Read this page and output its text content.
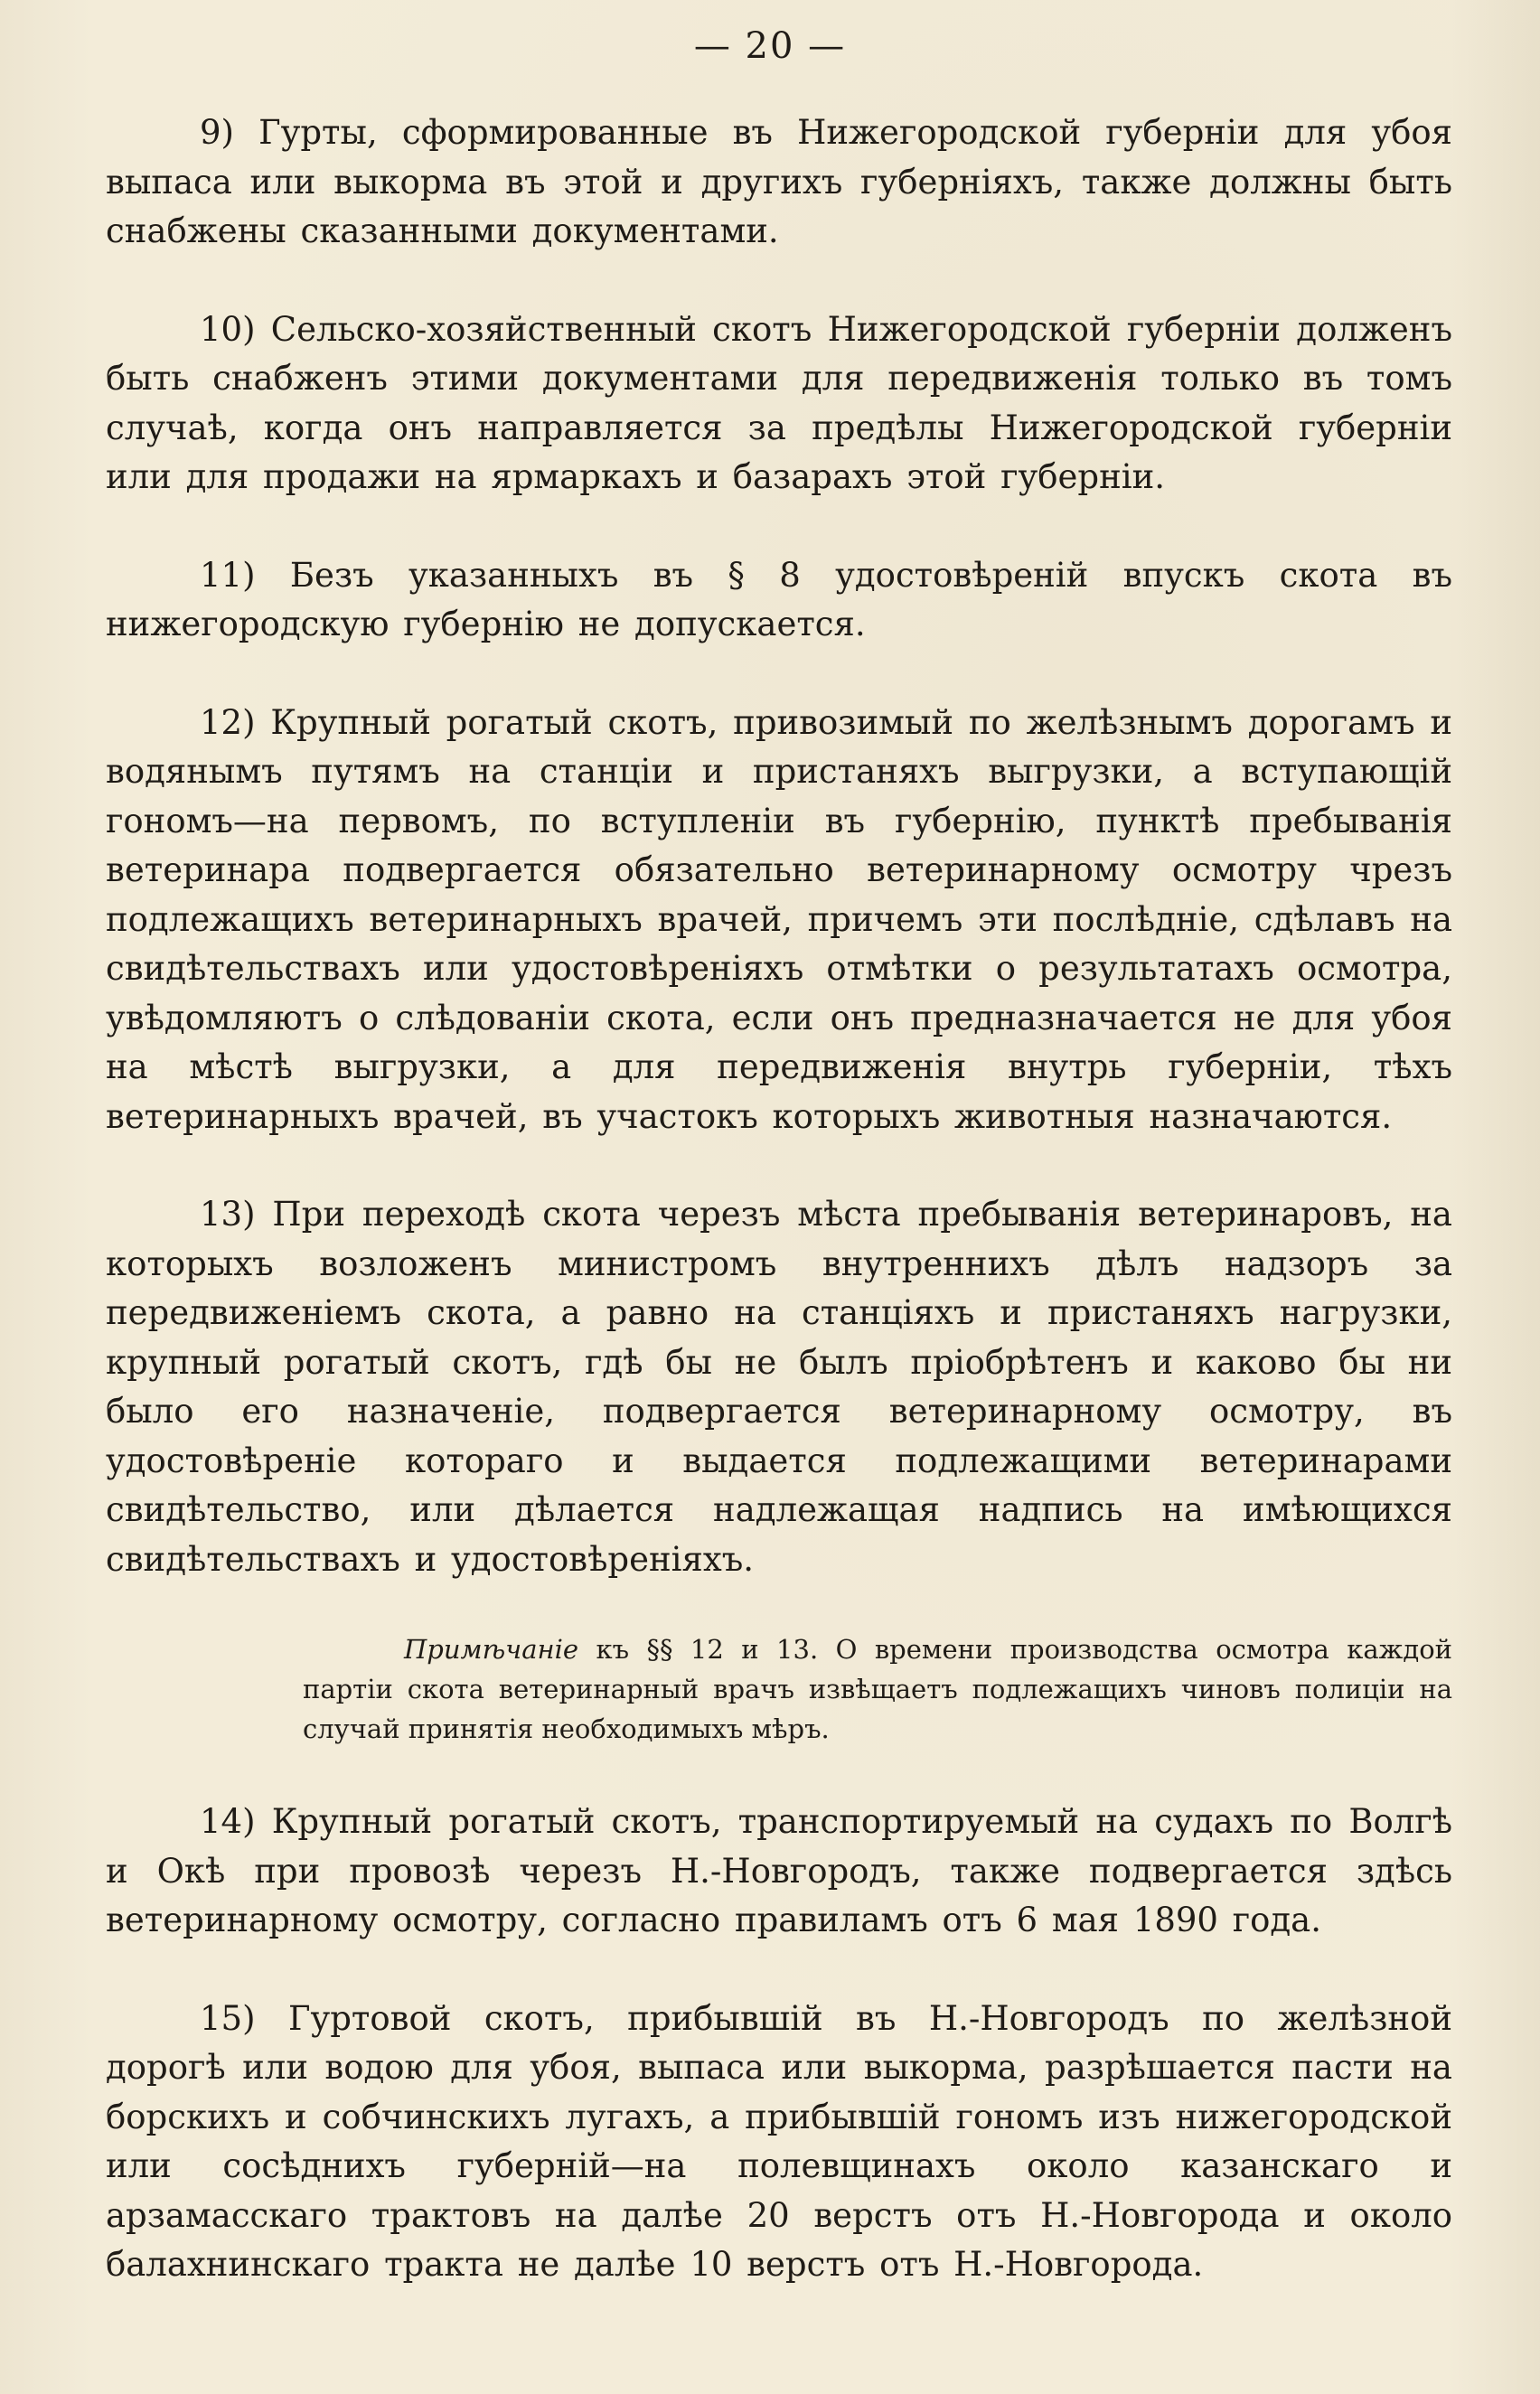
— 20 —

9) Гурты, сформированные въ Нижегородской губерніи для убоя выпаса или выкорма въ этой и другихъ губерніяхъ, также должны быть снабжены сказанными документами.

10) Сельско-хозяйственный скотъ Нижегородской губерніи долженъ быть снабженъ этими документами для передвиженія только въ томъ случаѣ, когда онъ направляется за предѣлы Нижегородской губерніи или для продажи на ярмаркахъ и базарахъ этой губерніи.

11) Безъ указанныхъ въ § 8 удостовѣреній впускъ скота въ нижегородскую губернію не допускается.

12) Крупный рогатый скотъ, привозимый по желѣзнымъ дорогамъ и водянымъ путямъ на станціи и пристаняхъ выгрузки, а вступающій гономъ—на первомъ, по вступленіи въ губернію, пунктѣ пребыванія ветеринара подвергается обязательно ветеринарному осмотру чрезъ подлежащихъ ветеринарныхъ врачей, причемъ эти послѣдніе, сдѣлавъ на свидѣтельствахъ или удостовѣреніяхъ отмѣтки о результатахъ осмотра, увѣдомляютъ о слѣдованіи скота, если онъ предназначается не для убоя на мѣстѣ выгрузки, а для передвиженія внутрь губерніи, тѣхъ ветеринарныхъ врачей, въ участокъ которыхъ животныя назначаются.

13) При переходѣ скота черезъ мѣста пребыванія ветеринаровъ, на которыхъ возложенъ министромъ внутреннихъ дѣлъ надзоръ за передвиженіемъ скота, а равно на станціяхъ и пристаняхъ нагрузки, крупный рогатый скотъ, гдѣ бы не былъ пріобрѣтенъ и каково бы ни было его назначеніе, подвергается ветеринарному осмотру, въ удостовѣреніе котораго и выдается подлежащими ветеринарами свидѣтельство, или дѣлается надлежащая надпись на имѣющихся свидѣтельствахъ и удостовѣреніяхъ.

Примѣчаніе къ §§ 12 и 13. О времени производства осмотра каждой партіи скота ветеринарный врачъ извѣщаетъ подлежащихъ чиновъ полиціи на случай принятія необходимыхъ мѣръ.

14) Крупный рогатый скотъ, транспортируемый на судахъ по Волгѣ и Окѣ при провозѣ черезъ Н.-Новгородъ, также подвергается здѣсь ветеринарному осмотру, согласно правиламъ отъ 6 мая 1890 года.

15) Гуртовой скотъ, прибывшій въ Н.-Новгородъ по желѣзной дорогѣ или водою для убоя, выпаса или выкорма, разрѣшается пасти на борскихъ и собчинскихъ лугахъ, а прибывшій гономъ изъ нижегородской или сосѣднихъ губерній—на полевщинахъ около казанскаго и арзамасскаго трактовъ на далѣе 20 верстъ отъ Н.-Новгорода и около балахнинскаго тракта не далѣе 10 верстъ отъ Н.-Новгорода.
